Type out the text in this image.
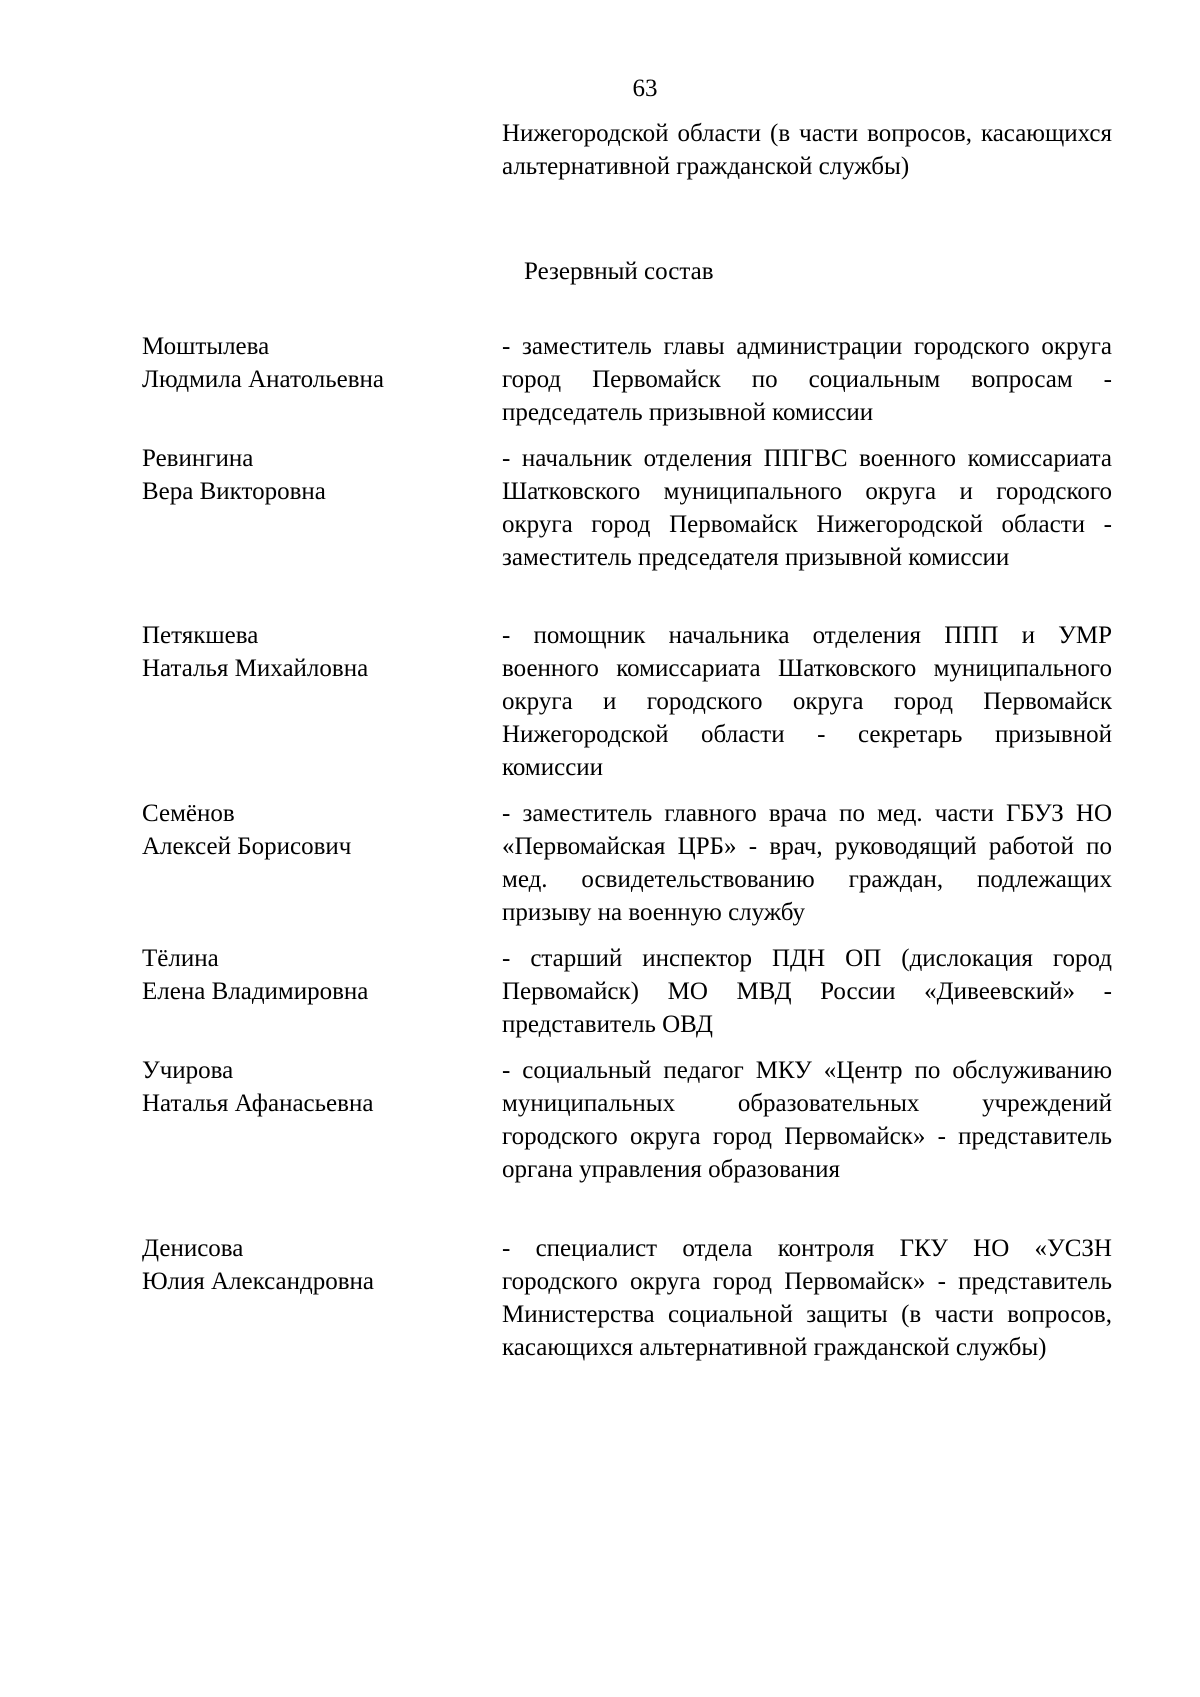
63
Нижегородской области (в части вопросов, касающихся альтернативной гражданской службы)
Резервный состав
Моштылева
Людмила Анатольевна
- заместитель главы администрации городского округа город Первомайск по социальным вопросам - председатель призывной комиссии
Ревингина
Вера Викторовна
- начальник отделения ППГВС военного комиссариата Шатковского муниципального округа и городского округа город Первомайск Нижегородской области - заместитель председателя призывной комиссии
Петякшева
Наталья Михайловна
- помощник начальника отделения ППП и УМР военного комиссариата Шатковского муниципального округа и городского округа город Первомайск Нижегородской области - секретарь призывной комиссии
Семёнов
Алексей Борисович
- заместитель главного врача по мед. части ГБУЗ НО «Первомайская ЦРБ» - врач, руководящий работой по мед. освидетельствованию граждан, подлежащих призыву на военную службу
Тёлина
Елена Владимировна
- старший инспектор ПДН ОП (дислокация город Первомайск) МО МВД России «Дивеевский» - представитель ОВД
Учирова
Наталья Афанасьевна
- социальный педагог МКУ «Центр по обслуживанию муниципальных образовательных учреждений городского округа город Первомайск» - представитель органа управления образования
Денисова
Юлия Александровна
- специалист отдела контроля ГКУ НО «УСЗН городского округа город Первомайск» - представитель Министерства социальной защиты (в части вопросов, касающихся альтернативной гражданской службы)
